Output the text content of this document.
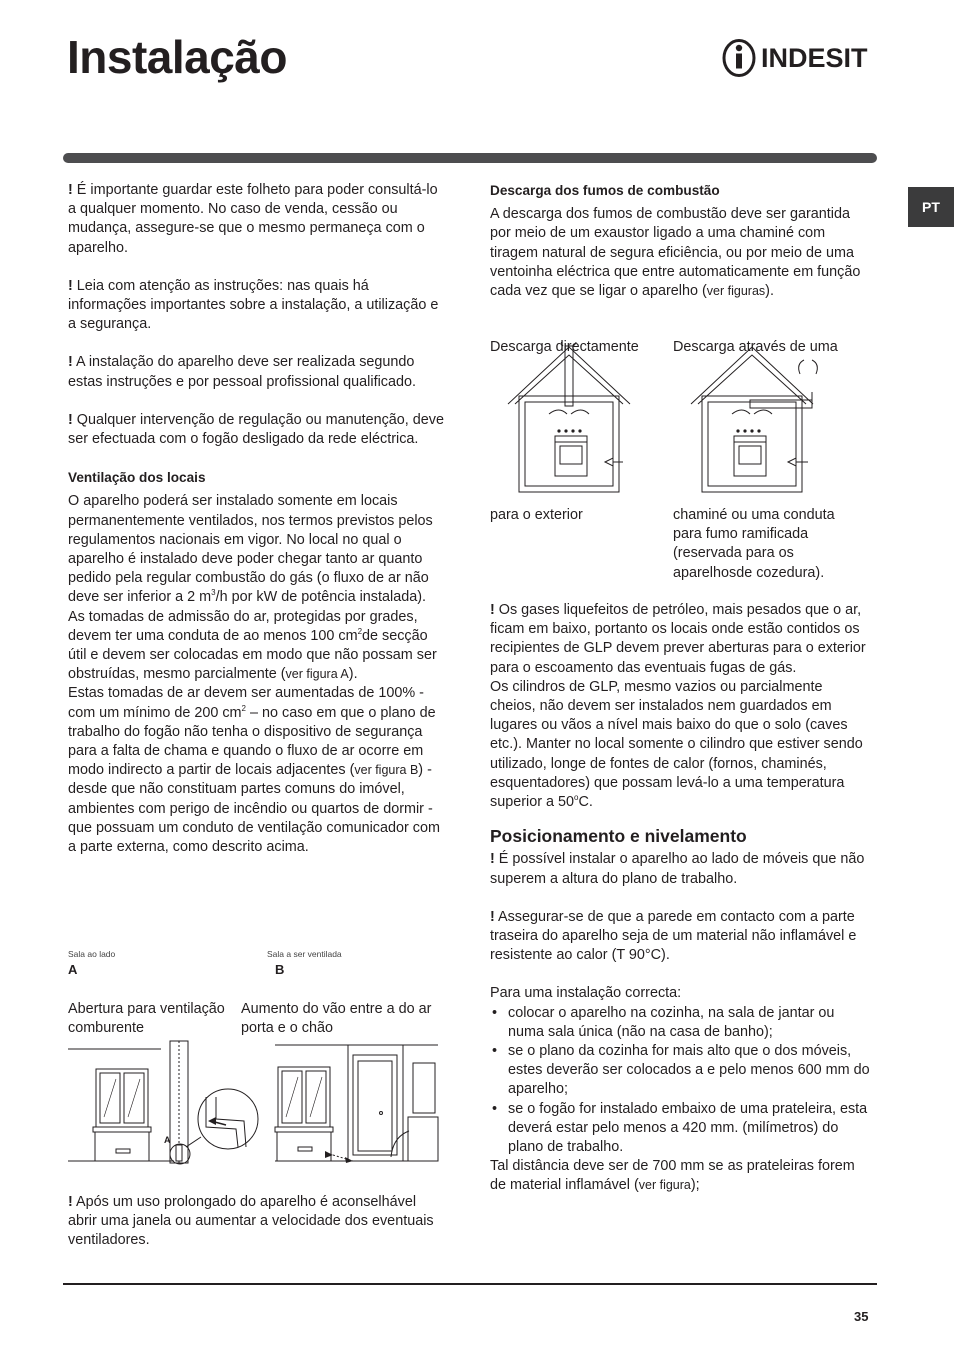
Instalação	INDESIT
PT

! É importante guardar este folheto para poder consultá-lo a qualquer momento. No caso de venda, cessão ou mudança, assegure-se que o mesmo permaneça com o aparelho.

! Leia com atenção as instruções: nas quais há informações importantes sobre a instalação, a utilização e a segurança.

! A instalação do aparelho deve ser realizada segundo estas instruções e por pessoal profissional qualificado.

! Qualquer intervenção de regulação ou manutenção, deve ser efectuada com o fogão desligado da rede eléctrica.

Ventilação dos locais

O aparelho poderá ser instalado somente em locais permanentemente ventilados, nos termos previstos pelos regulamentos nacionais em vigor. No local no qual o aparelho é instalado deve poder chegar tanto ar quanto pedido pela regular combustão do gás (o fluxo de ar não deve ser inferior a 2 $m^3/h$ por kW de potência instalada).

As tomadas de admissão do ar, protegidas por grades, devem ter uma conduta de ao menos 100 $cm^2de$ secção útil e devem ser colocadas em modo que não possam ser obstruídas, mesmo parcialmente (ver figura A).

Estas tomadas de ar devem ser aumentadas de 100% - com um mínimo de 200 $cm^2$ – no caso em que o plano de trabalho do fogão não tenha o dispositivo de segurança para a falta de chama e quando o fluxo de ar ocorre em modo indirecto a partir de locais adjacentes (ver figura B) - desde que não constituam partes comuns do imóvel, ambientes com perigo de incêndio ou quartos de dormir - que possuam um conduto de ventilação comunicador com a parte externa, como descrito acima.

Sala ao lado
A
Sala a ser ventilada
B
Abertura para ventilação comburente
Aumento do vão entre a do ar porta e o chão
A

! Após um uso prolongado do aparelho é aconselhável abrir uma janela ou aumentar a velocidade dos eventuais ventiladores.

Descarga dos fumos de combustão

A descarga dos fumos de combustão deve ser garantida por meio de um exaustor ligado a uma chaminé com tiragem natural de segura eficiência, ou por meio de uma ventoinha eléctrica que entre automaticamente em função cada vez que se ligar o aparelho (ver figuras).

Descarga directamente Descarga através de uma
para o exterior	chaminé ou uma conduta para fumo ramificada (reservada para os aparelhosde cozedura).

! Os gases liquefeitos de petróleo, mais pesados que o ar, ficam em baixo, portanto os locais onde estão contidos os recipientes de GLP devem prever aberturas para o exterior para o escoamento das eventuais fugas de gás.

Os cilindros de GLP, mesmo vazios ou parcialmente cheios, não devem ser instalados nem guardados em lugares ou vãos a nível mais baixo do que o solo (caves etc.). Manter no local somente o cilindro que estiver sendo utilizado, longe de fontes de calor (fornos, chaminés, esquentadores) que possam levá-lo a uma temperatura superior a 50$^o$C.

Posicionamento e nivelamento

! É possível instalar o aparelho ao lado de móveis que não superem a altura do plano de trabalho.

! Assegurar-se de que a parede em contacto com a parte traseira do aparelho seja de um material não inflamável e resistente ao calor (T 90°C).

Para uma instalação correcta:

• colocar o aparelho na cozinha, na sala de jantar ou numa sala única (não na casa de banho);
• se o plano da cozinha for mais alto que o dos móveis, estes deverão ser colocados a e pelo menos 600 mm do aparelho;
• se o fogão for instalado embaixo de uma prateleira, esta deverá estar pelo menos a 420 mm. (milímetros) do plano de trabalho.

Tal distância deve ser de 700 mm se as prateleiras forem de material inflamável (ver figura);

35
